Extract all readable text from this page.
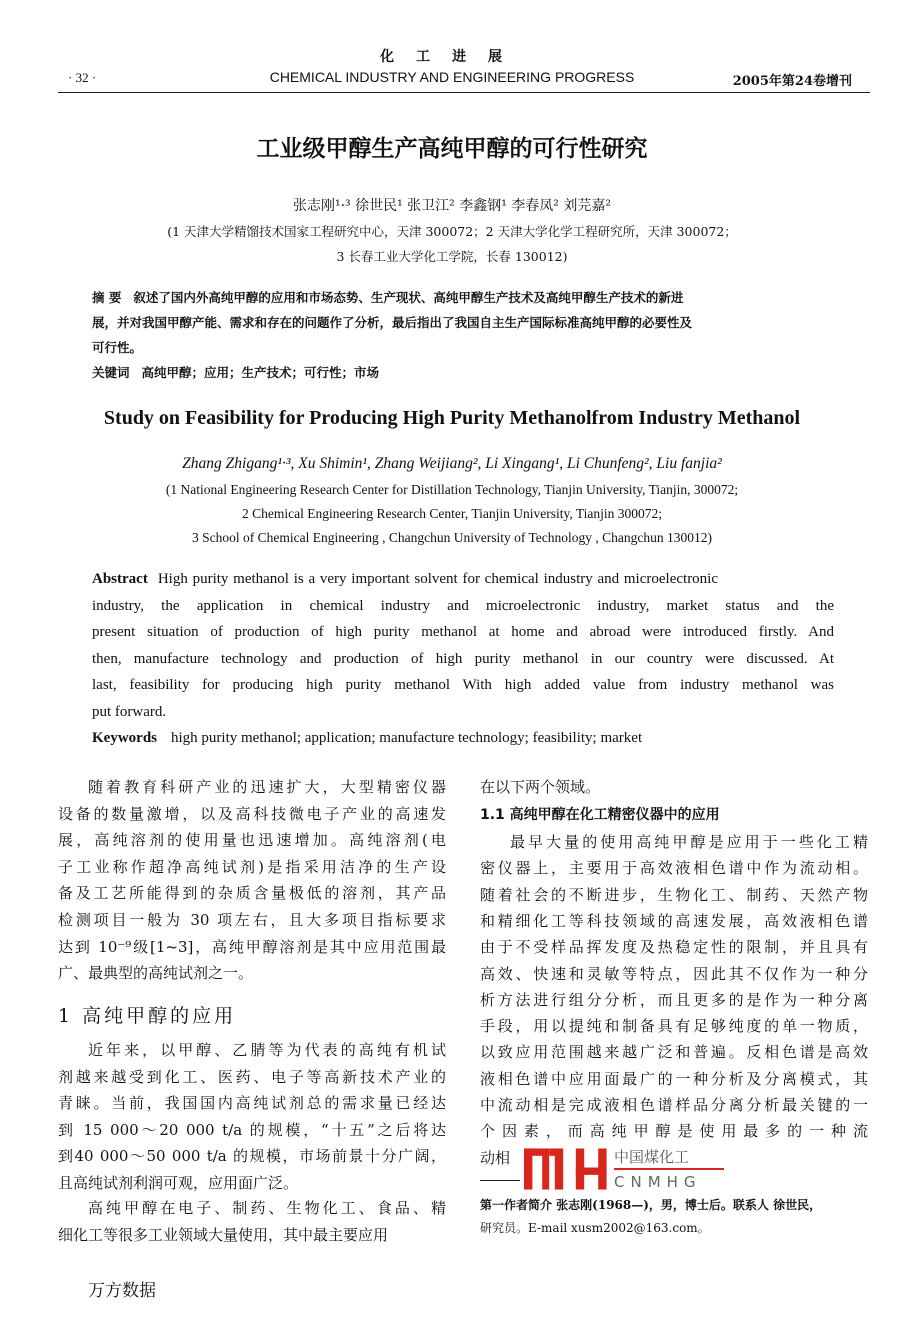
化工进展
· 32 ·	CHEMICAL INDUSTRY AND ENGINEERING PROGRESS	2005年第24卷增刊
工业级甲醇生产高纯甲醇的可行性研究
张志刚¹·³ 徐世民¹ 张卫江² 李鑫钢¹ 李春凤² 刘芫嘉²
(1 天津大学精馏技术国家工程研究中心，天津 300072；2 天津大学化学工程研究所，天津 300072；
3 长春工业大学化工学院，长春 130012)
摘 要 叙述了国内外高纯甲醇的应用和市场态势、生产现状、高纯甲醇生产技术及高纯甲醇生产技术的新进
展，并对我国甲醇产能、需求和存在的问题作了分析，最后指出了我国自主生产国际标准高纯甲醇的必要性及
可行性。
关键词 高纯甲醇；应用；生产技术；可行性；市场
Study on Feasibility for Producing High Purity Methanolfrom Industry Methanol
Zhang Zhigang¹·³, Xu Shimin¹, Zhang Weijiang², Li Xingang¹, Li Chunfeng², Liu fanjia²
(1 National Engineering Research Center for Distillation Technology, Tianjin University, Tianjin, 300072;
2 Chemical Engineering Research Center, Tianjin University, Tianjin 300072;
3 School of Chemical Engineering , Changchun University of Technology , Changchun 130012)
Abstract High purity methanol is a very important solvent for chemical industry and microelectronic
industry, the application in chemical industry and microelectronic industry, market status and the
present situation of production of high purity methanol at home and abroad were introduced firstly. And
then, manufacture technology and production of high purity methanol in our country were discussed. At
last, feasibility for producing high purity methanol With high added value from industry methanol was
put forward.
Keywords high purity methanol; application; manufacture technology; feasibility; market
随着教育科研产业的迅速扩大，大型精密仪器
设备的数量激增，以及高科技微电子产业的高速发
展，高纯溶剂的使用量也迅速增加。高纯溶剂(电
子工业称作超净高纯试剂)是指采用洁净的生产设
备及工艺所能得到的杂质含量极低的溶剂，其产品
检测项目一般为 30 项左右，且大多项目指标要求
达到 10⁻⁹级[1~3]，高纯甲醇溶剂是其中应用范围最
广、最典型的高纯试剂之一。
1 高纯甲醇的应用
近年来，以甲醇、乙腈等为代表的高纯有机试
剂越来越受到化工、医药、电子等高新技术产业的
青睐。当前，我国国内高纯试剂总的需求量已经达
到 15 000～20 000 t/a 的规模，“十五”之后将达
到40 000～50 000 t/a 的规模，市场前景十分广阔，
且高纯试剂利润可观，应用面广泛。
高纯甲醇在电子、制药、生物化工、食品、精
细化工等很多工业领域大量使用，其中最主要应用
在以下两个领域。
1.1 高纯甲醇在化工精密仪器中的应用
最早大量的使用高纯甲醇是应用于一些化工精
密仪器上，主要用于高效液相色谱中作为流动相。
随着社会的不断进步，生物化工、制药、天然产物
和精细化工等科技领域的高速发展，高效液相色谱
由于不受样品挥发度及热稳定性的限制，并且具有
高效、快速和灵敏等特点，因此其不仅作为一种分
析方法进行组分分析，而且更多的是作为一种分离
手段，用以提纯和制备具有足够纯度的单一物质，
以致应用范围越来越广泛和普遍。反相色谱是高效
液相色谱中应用面最广的一种分析及分离模式，其
中流动相是完成液相色谱样品分离分析最关键的一
个因素，而高纯甲醇是使用最多的一种流
动相
第一作者简介 张志刚(1968—)，男，博士后。联系人 徐世民，
研究员。E-mail xusm2002@163.com。
中国煤化工
CNMHG
万方数据
